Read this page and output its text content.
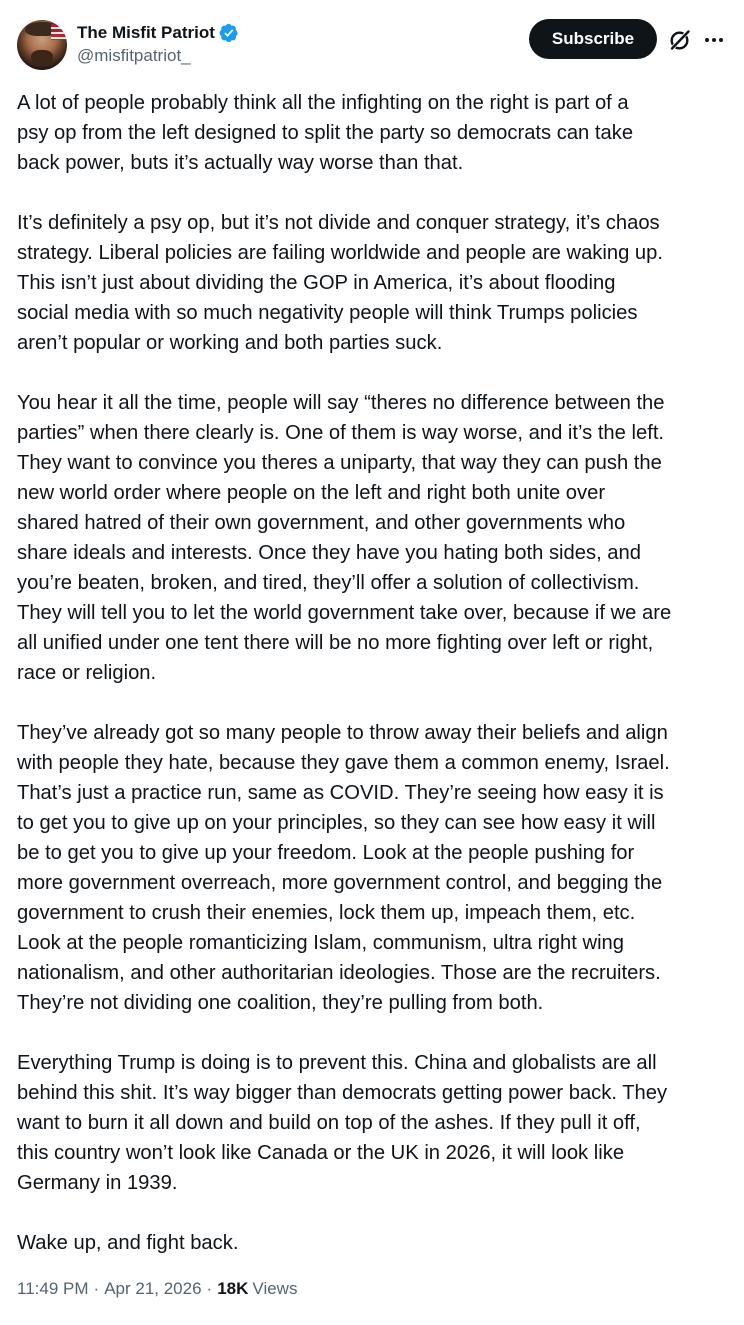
The Misfit Patriot
@misfitpatriot_
Subscribe

A lot of people probably think all the infighting on the right is part of a
psy op from the left designed to split the party so democrats can take
back power, buts it’s actually way worse than that.

It’s definitely a psy op, but it’s not divide and conquer strategy, it’s chaos
strategy. Liberal policies are failing worldwide and people are waking up.
This isn’t just about dividing the GOP in America, it’s about flooding
social media with so much negativity people will think Trumps policies
aren’t popular or working and both parties suck.

You hear it all the time, people will say “theres no difference between the
parties” when there clearly is. One of them is way worse, and it’s the left.
They want to convince you theres a uniparty, that way they can push the
new world order where people on the left and right both unite over
shared hatred of their own government, and other governments who
share ideals and interests. Once they have you hating both sides, and
you’re beaten, broken, and tired, they’ll offer a solution of collectivism.
They will tell you to let the world government take over, because if we are
all unified under one tent there will be no more fighting over left or right,
race or religion.

They’ve already got so many people to throw away their beliefs and align
with people they hate, because they gave them a common enemy, Israel.
That’s just a practice run, same as COVID. They’re seeing how easy it is
to get you to give up on your principles, so they can see how easy it will
be to get you to give up your freedom. Look at the people pushing for
more government overreach, more government control, and begging the
government to crush their enemies, lock them up, impeach them, etc.
Look at the people romanticizing Islam, communism, ultra right wing
nationalism, and other authoritarian ideologies. Those are the recruiters.
They’re not dividing one coalition, they’re pulling from both.

Everything Trump is doing is to prevent this. China and globalists are all
behind this shit. It’s way bigger than democrats getting power back. They
want to burn it all down and build on top of the ashes. If they pull it off,
this country won’t look like Canada or the UK in 2026, it will look like
Germany in 1939.

Wake up, and fight back.

11:49 PM · Apr 21, 2026 · 18K Views
